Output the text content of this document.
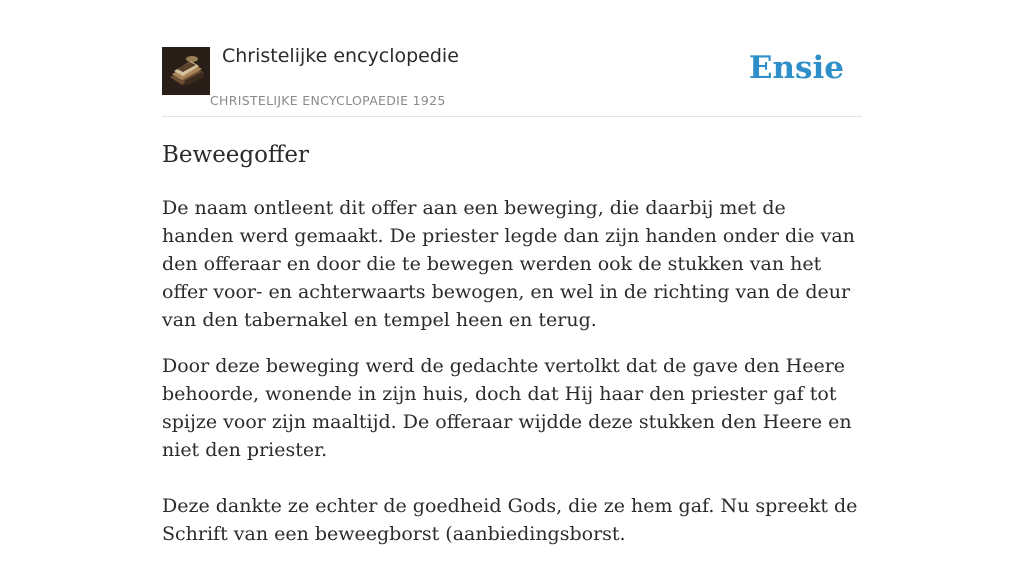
Christelijke encyclopedie
CHRISTELIJKE ENCYCLOPAEDIE 1925
Ensie
Beweegoffer

De naam ontleent dit offer aan een beweging, die daarbij met de handen werd gemaakt. De priester legde dan zijn handen onder die van den offeraar en door die te bewegen werden ook de stukken van het offer voor- en achterwaarts bewogen, en wel in de richting van de deur van den tabernakel en tempel heen en terug.

Door deze beweging werd de gedachte vertolkt dat de gave den Heere behoorde, wonende in zijn huis, doch dat Hij haar den priester gaf tot spijze voor zijn maaltijd. De offeraar wijdde deze stukken den Heere en niet den priester.

Deze dankte ze echter de goedheid Gods, die ze hem gaf. Nu spreekt de Schrift van een beweegborst (aanbiedingsborst.
